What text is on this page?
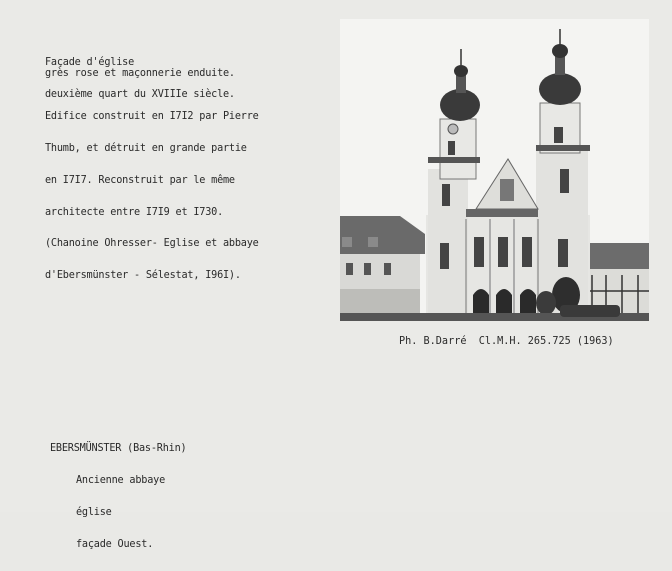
Façade d'église

deuxième quart du XVIIIe siècle.

grès rose et maçonnerie enduite.

Edifice construit en I7I2 par Pierre

Thumb, et détruit en grande partie

en I7I7. Reconstruit par le même

architecte entre I7I9 et I730.

(Chanoine Ohresser- Eglise et abbaye

d'Ebersmünster - Sélestat, I96I).

Ph. B.Darré  Cl.M.H. 265.725 (1963)

EBERSMÜNSTER (Bas-Rhin)

Ancienne abbaye

église

façade Ouest.
